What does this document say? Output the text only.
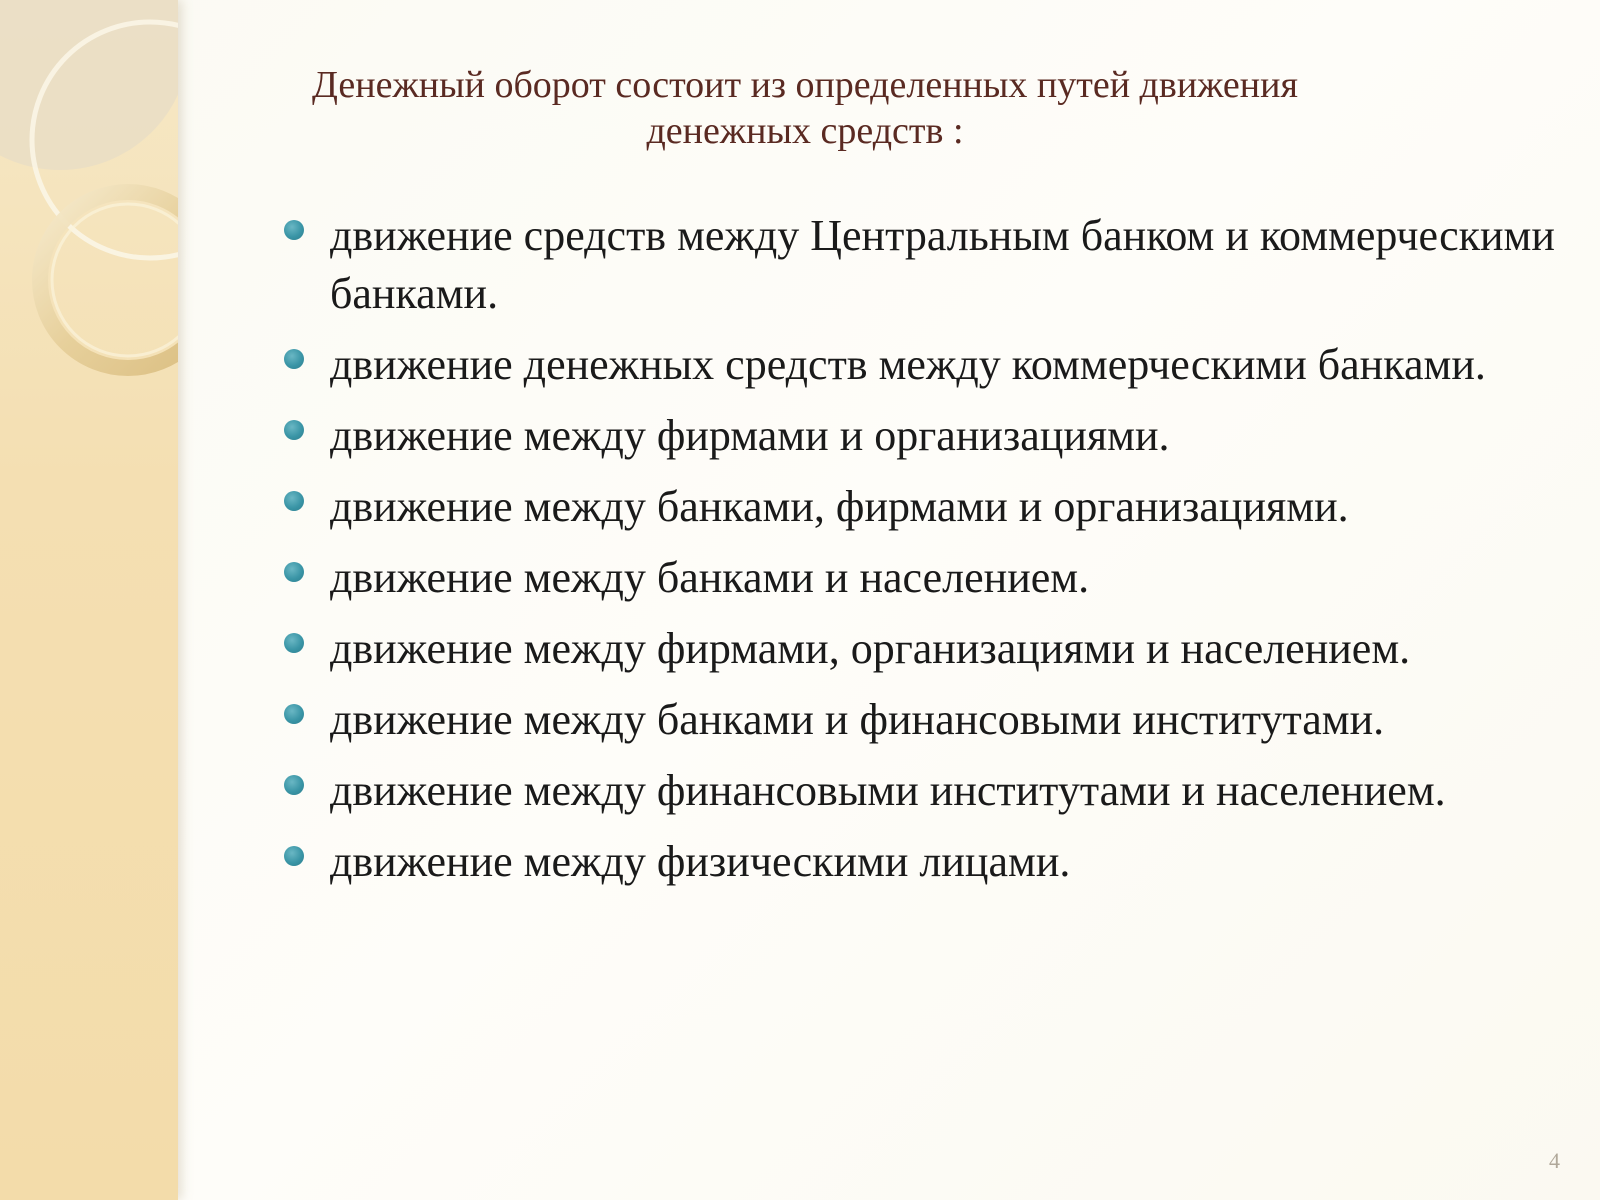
Денежный оборот состоит из определенных путей движения денежных средств :
движение средств между Центральным банком и коммерческими банками.
движение денежных средств между коммерческими банками.
движение между фирмами и организациями.
движение между банками, фирмами и организациями.
движение между банками и населением.
движение между фирмами, организациями и населением.
движение между банками и финансовыми институтами.
движение между финансовыми институтами и населением.
движение между физическими лицами.
4
